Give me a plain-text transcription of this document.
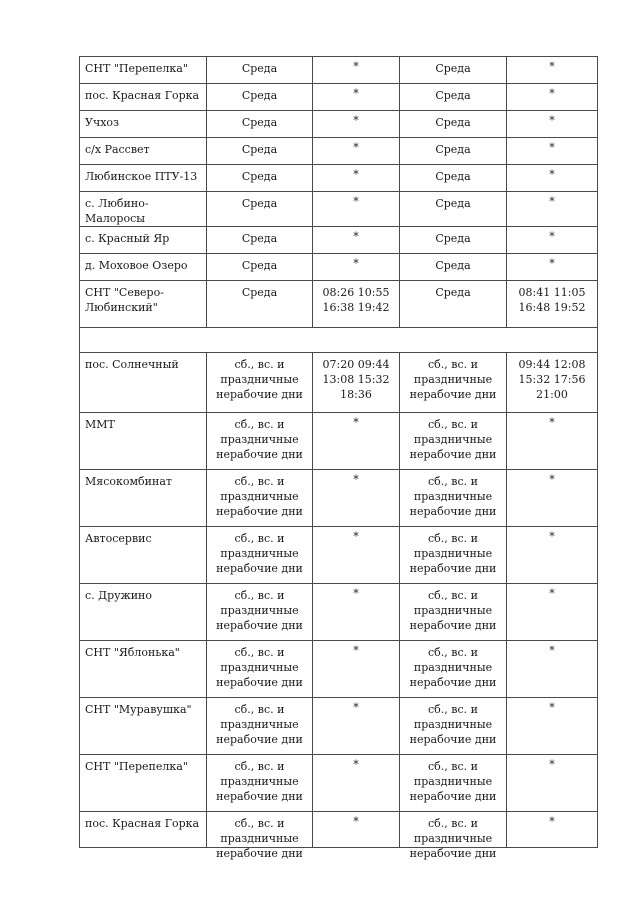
СНТ "Перепелка"	Среда	*	Среда	*
пос. Красная Горка	Среда	*	Среда	*
Учхоз	Среда	*	Среда	*
с/х Рассвет	Среда	*	Среда	*
Любинское ПТУ-13	Среда	*	Среда	*
с. Любино-Малоросы	Среда	*	Среда	*
с. Красный Яр	Среда	*	Среда	*
д. Моховое Озеро	Среда	*	Среда	*
СНТ "Северо-Любинский"	Среда	08:26 10:55 16:38 19:42	Среда	08:41 11:05 16:48 19:52

пос. Солнечный	сб., вс. и праздничные нерабочие дни	07:20 09:44 13:08 15:32 18:36	сб., вс. и праздничные нерабочие дни	09:44 12:08 15:32 17:56 21:00
ММТ	сб., вс. и праздничные нерабочие дни	*	сб., вс. и праздничные нерабочие дни	*
Мясокомбинат	сб., вс. и праздничные нерабочие дни	*	сб., вс. и праздничные нерабочие дни	*
Автосервис	сб., вс. и праздничные нерабочие дни	*	сб., вс. и праздничные нерабочие дни	*
с. Дружино	сб., вс. и праздничные нерабочие дни	*	сб., вс. и праздничные нерабочие дни	*
СНТ "Яблонька"	сб., вс. и праздничные нерабочие дни	*	сб., вс. и праздничные нерабочие дни	*
СНТ "Муравушка"	сб., вс. и праздничные нерабочие дни	*	сб., вс. и праздничные нерабочие дни	*
СНТ "Перепелка"	сб., вс. и праздничные нерабочие дни	*	сб., вс. и праздничные нерабочие дни	*
пос. Красная Горка	сб., вс. и праздничные нерабочие дни	*	сб., вс. и праздничные нерабочие дни	*
